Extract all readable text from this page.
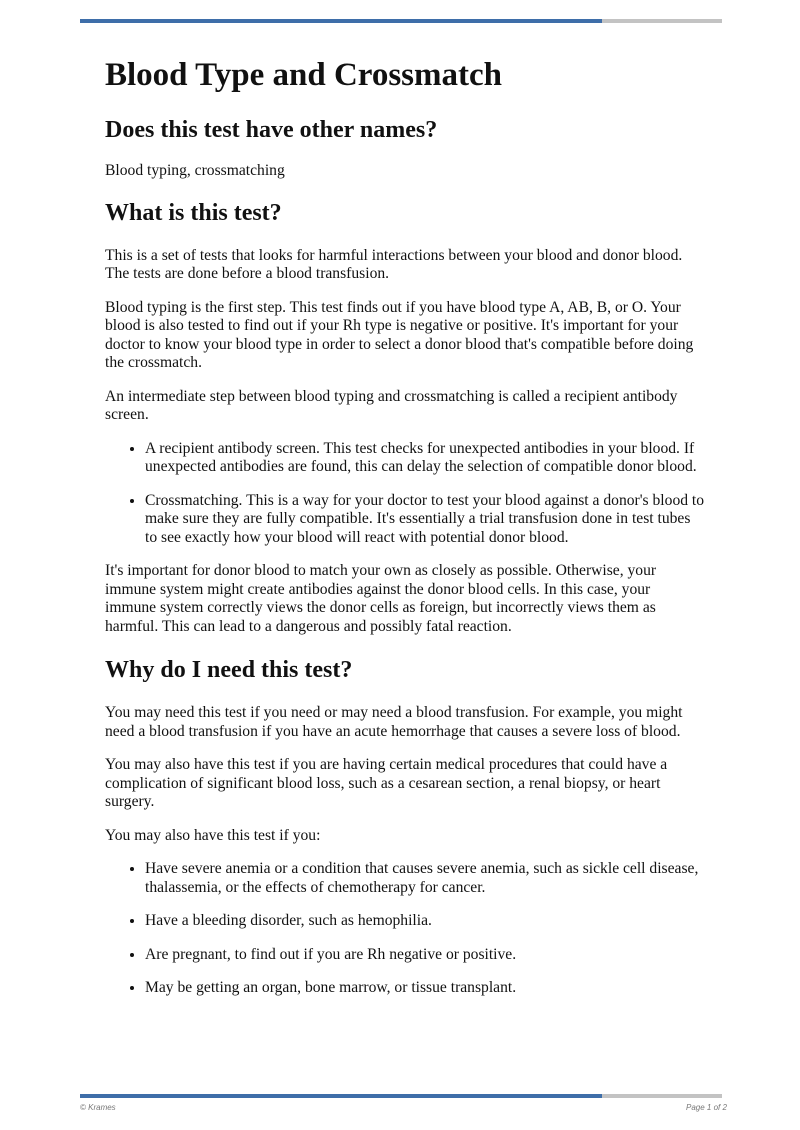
Blood Type and Crossmatch
Does this test have other names?

Blood typing, crossmatching

What is this test?

This is a set of tests that looks for harmful interactions between your blood and donor blood. The tests are done before a blood transfusion.

Blood typing is the first step. This test finds out if you have blood type A, AB, B, or O. Your blood is also tested to find out if your Rh type is negative or positive. It's important for your doctor to know your blood type in order to select a donor blood that's compatible before doing the crossmatch.

An intermediate step between blood typing and crossmatching is called a recipient antibody screen.

• A recipient antibody screen. This test checks for unexpected antibodies in your blood. If unexpected antibodies are found, this can delay the selection of compatible donor blood.
• Crossmatching. This is a way for your doctor to test your blood against a donor's blood to make sure they are fully compatible. It's essentially a trial transfusion done in test tubes to see exactly how your blood will react with potential donor blood.

It's important for donor blood to match your own as closely as possible. Otherwise, your immune system might create antibodies against the donor blood cells. In this case, your immune system correctly views the donor cells as foreign, but incorrectly views them as harmful. This can lead to a dangerous and possibly fatal reaction.

Why do I need this test?

You may need this test if you need or may need a blood transfusion. For example, you might need a blood transfusion if you have an acute hemorrhage that causes a severe loss of blood.

You may also have this test if you are having certain medical procedures that could have a complication of significant blood loss, such as a cesarean section, a renal biopsy, or heart surgery.

You may also have this test if you:

• Have severe anemia or a condition that causes severe anemia, such as sickle cell disease, thalassemia, or the effects of chemotherapy for cancer.
• Have a bleeding disorder, such as hemophilia.
• Are pregnant, to find out if you are Rh negative or positive.
• May be getting an organ, bone marrow, or tissue transplant.
© Krames	Page 1 of 2
